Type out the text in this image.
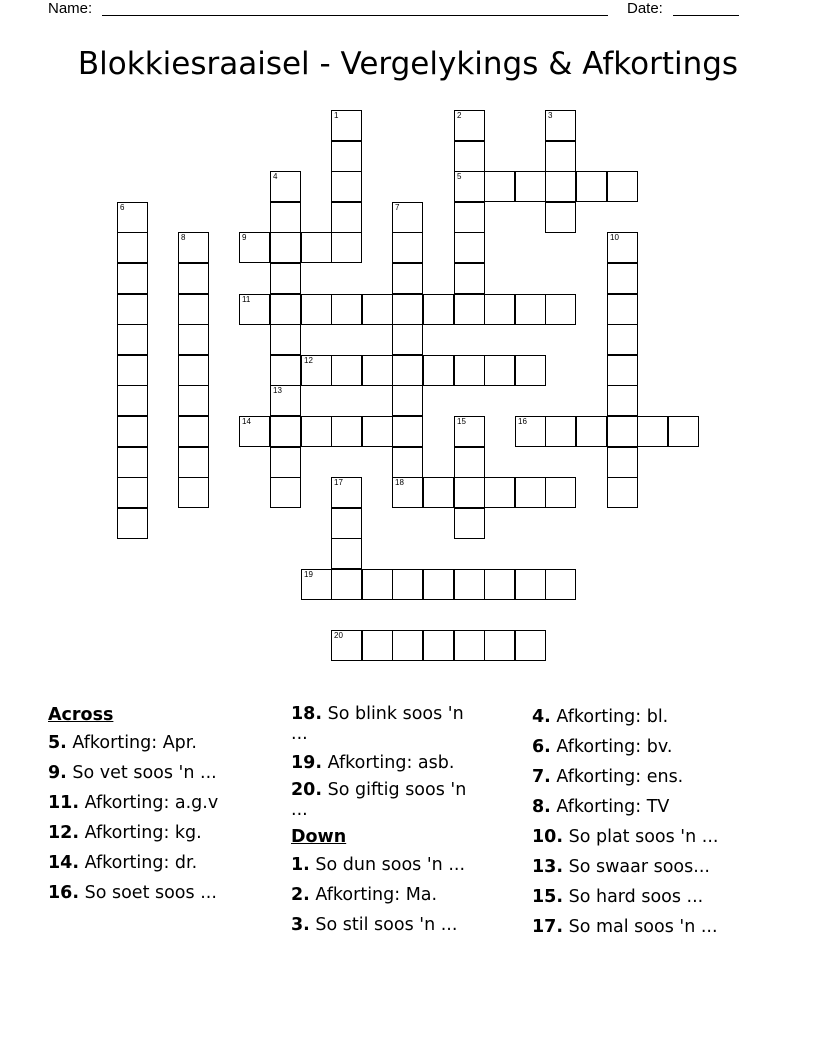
Name:	Date:
Blokkiesraaisel - Vergelykings & Afkortings
1	2
5
3
4
6	7
18
8	9	10
11
12
13
14	15	16
17
19
20
Across
5. Afkorting: Apr.
9. So vet soos 'n ...
11. Afkorting: a.g.v
12. Afkorting: kg.
14. Afkorting: dr.
16. So soet soos ...
18. So blink soos 'n
...
19. Afkorting: asb.
20. So giftig soos 'n
...
Down
1. So dun soos 'n ...
2. Afkorting: Ma.
3. So stil soos 'n ...
4. Afkorting: bl.
6. Afkorting: bv.
7. Afkorting: ens.
8. Afkorting: TV
10. So plat soos 'n ...
13. So swaar soos...
15. So hard soos ...
17. So mal soos 'n ...
